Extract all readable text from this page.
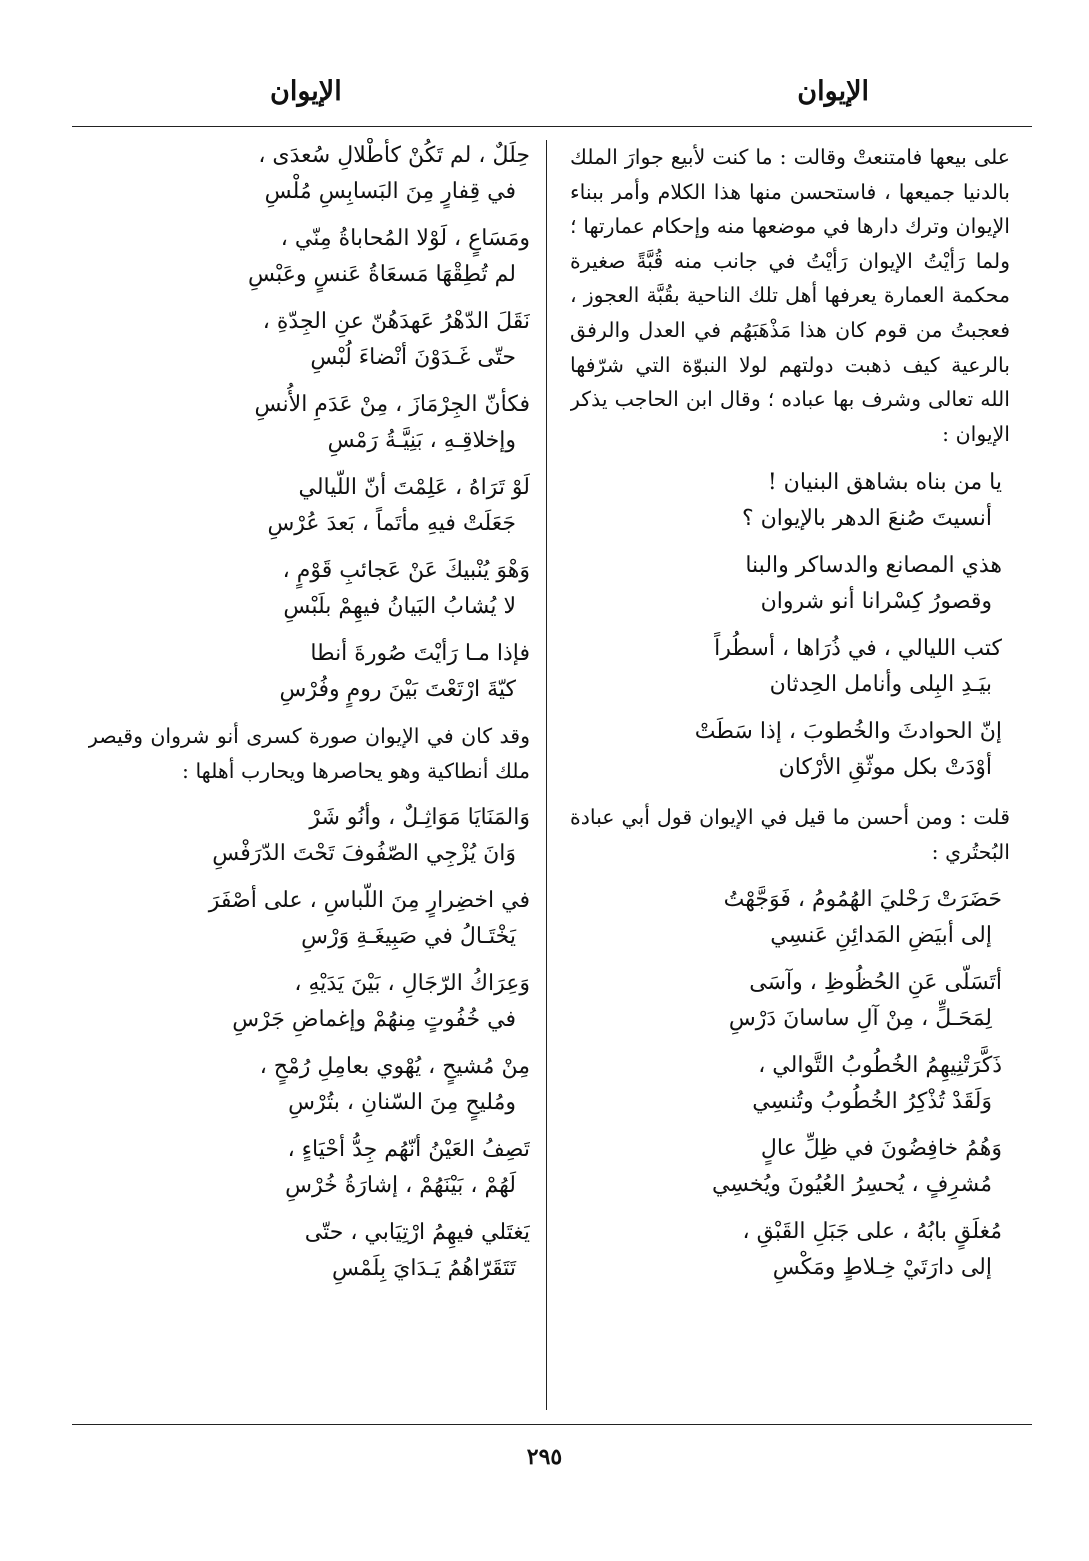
الإيوان
الإيوان

على بيعها فامتنعتْ وقالت : ما كنت لأبيع جوارَ الملك بالدنيا جميعها ، فاستحسن منها هذا الكلام وأمر ببناء الإيوان وترك دارها في موضعها منه وإحكام عمارتها ؛ ولما رَأيْتُ الإيوان رَأيْتُ في جانب منه قُبَّةً صغيرة محكمة العمارة يعرفها أهل تلك الناحية بقُبَّة العجوز ، فعجبتُ من قوم كان هذا مَذْهَبَهُم في العدل والرفق بالرعية كيف ذهبت دولتهم لولا النبوّة التي شرّفها الله تعالى وشرف بها عباده ؛ وقال ابن الحاجب يذكر الإيوان :

يا من بناه بشاهق البنيان !
أنسيتَ صُنعَ الدهر بالإيوان ؟
هذي المصانع والدساكر والبنا
وقصورُ كِسْرانا أنو شروان
كتب الليالي ، في ذُرَاها ، أسطُراً
بيَـدِ البِلى وأنامل الحِدثان
إنّ الحوادثَ والخُطوبَ ، إذا سَطَتْ
أوْدَتْ بكل موثّقِ الأرْكان

قلت : ومن أحسن ما قيل في الإيوان قول أبي عبادة البُحتُري :

حَضَرَتْ رَحْليَ الهُمُومُ ، فَوَجَّهْتُ
إلى أبيَضِ المَدائِنِ عَنسِي
أتَسَلّى عَنِ الحُظُوظِ ، وآسَى
لِمَحَـلٍّ ، مِنْ آلِ ساسانَ دَرْسِ
ذَكَّرَتْنِيهِمُ الخُطُوبُ التَّوالي ،
وَلَقَدْ تُذْكِرُ الخُطُوبُ وتُنسِي
وَهُمُ خافِضُونَ في ظِلِّ عالٍ
مُشرِفٍ ، يُحسِرُ العُيُونَ ويُخسِي
مُغلَقٍ بابُهُ ، على جَبَلِ القَبْقِ ،
إلى دارَتَيْ خِـلاطٍ ومَكْسِ
حِلَلٌ ، لم تَكُنْ كأطْلالِ سُعدَى ،
في قِفارٍ مِنَ البَسابِسِ مُلْسِ
ومَسَاعٍ ، لَوْلا المُحاباةُ مِنّي ،
لم تُطِقْهَا مَسعَاةُ عَنسٍ وعَبْسِ
نَقَلَ الدّهْرُ عَهدَهُنّ عنِ الجِدّةِ ،
حتّى غَـدَوْنَ أنْضاءَ لُبْسِ
فكأنّ الجِرْمَازَ ، مِنْ عَدَمِ الأُنسِ
وإخلاقِـهِ ، بَنِيَّـةُ رَمْسِ
لَوْ تَرَاهُ ، عَلِمْتَ أنّ اللّيالي
جَعَلَتْ فيهِ مأتَماً ، بَعدَ عُرْسِ
وَهْوَ يُنْبيكَ عَنْ عَجائبِ قَوْمٍ ،
لا يُشابُ البَيانُ فيهِمْ بلَبْسِ
فإذا مـا رَأيْتَ صُورةَ أنطا
كيّةَ ارْتَعْتَ بَيْنَ رومٍ وفُرْسِ

وقد كان في الإيوان صورة كسرى أنو شروان وقيصر ملك أنطاكية وهو يحاصرها ويحارب أهلها :

وَالمَنَايَا مَوَاثِـلٌ ، وأنُو شَرْ
وَانَ يُزْجِي الصّفُوفَ تَحْتَ الدّرَفْسِ
في اخضِرارٍ مِنَ اللّباسِ ، على أصْفَرَ
يَخْتَـالُ في صَبِيغَـةِ وَرْسِ
وَعِرَاكُ الرّجَالِ ، بَيْنَ يَدَيْهِ ،
في خُفُوتٍ مِنهُمْ وإغماضِ جَرْسِ
مِنْ مُشيحٍ ، يُهْوي بعامِلِ رُمْحٍ ،
ومُليحٍ مِنَ السّنانِ ، بتُرْسِ
تَصِفُ العَيْنُ أنّهُم جِدُّ أحْيَاءٍ ،
لَهُمْ ، بَيْنَهُمْ ، إشارَةُ خُرْسِ
يَغتَلي فيهِمُ ارْتِيَابي ، حتّى
تَتَقَرّاهُمُ يَـدَايَ بِلَمْسِ
٢٩٥
